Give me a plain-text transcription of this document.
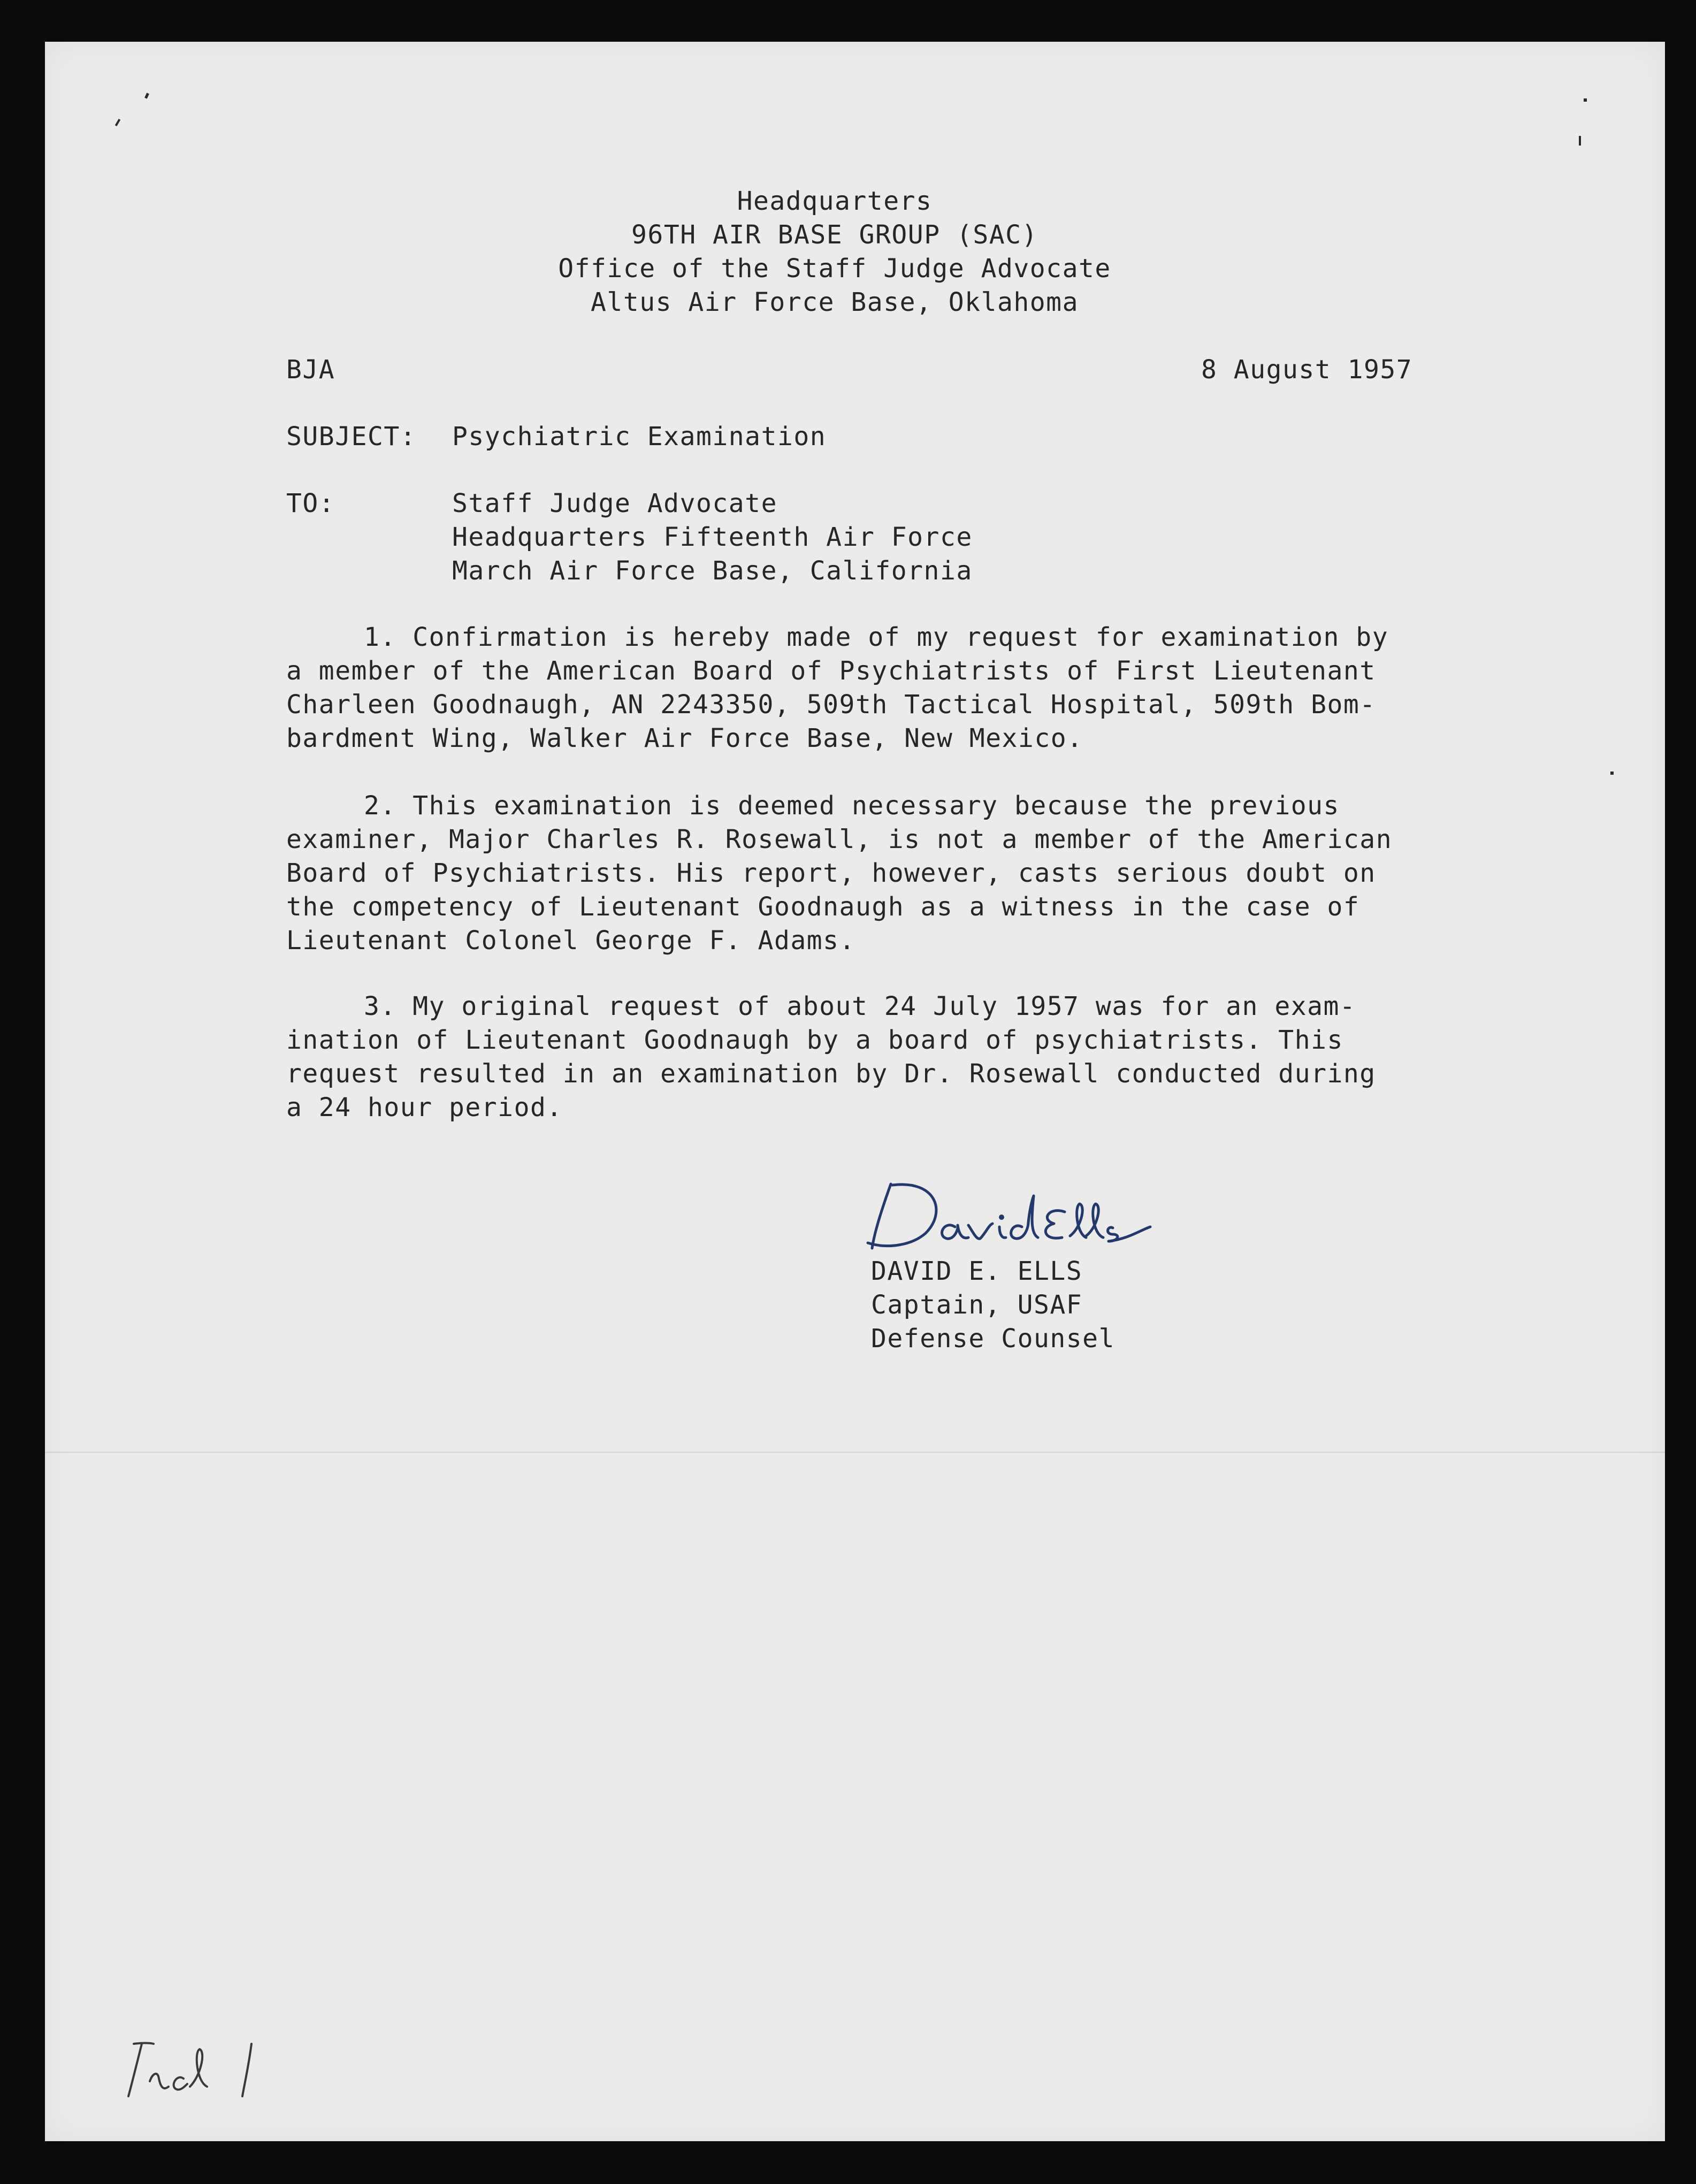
Headquarters
96TH AIR BASE GROUP (SAC)
Office of the Staff Judge Advocate
Altus Air Force Base, Oklahoma
BJA	8 August 1957
SUBJECT: Psychiatric Examination
TO:	Staff Judge Advocate
Headquarters Fifteenth Air Force
March Air Force Base, California
1. Confirmation is hereby made of my request for examination by
a member of the American Board of Psychiatrists of First Lieutenant
Charleen Goodnaugh, AN 2243350, 509th Tactical Hospital, 509th Bom-
bardment Wing, Walker Air Force Base, New Mexico.
2. This examination is deemed necessary because the previous
examiner, Major Charles R. Rosewall, is not a member of the American
Board of Psychiatrists. His report, however, casts serious doubt on
the competency of Lieutenant Goodnaugh as a witness in the case of
Lieutenant Colonel George F. Adams.
3. My original request of about 24 July 1957 was for an exam-
ination of Lieutenant Goodnaugh by a board of psychiatrists. This
request resulted in an examination by Dr. Rosewall conducted during
a 24 hour period.
DAVID E. ELLS
Captain, USAF
Defense Counsel
